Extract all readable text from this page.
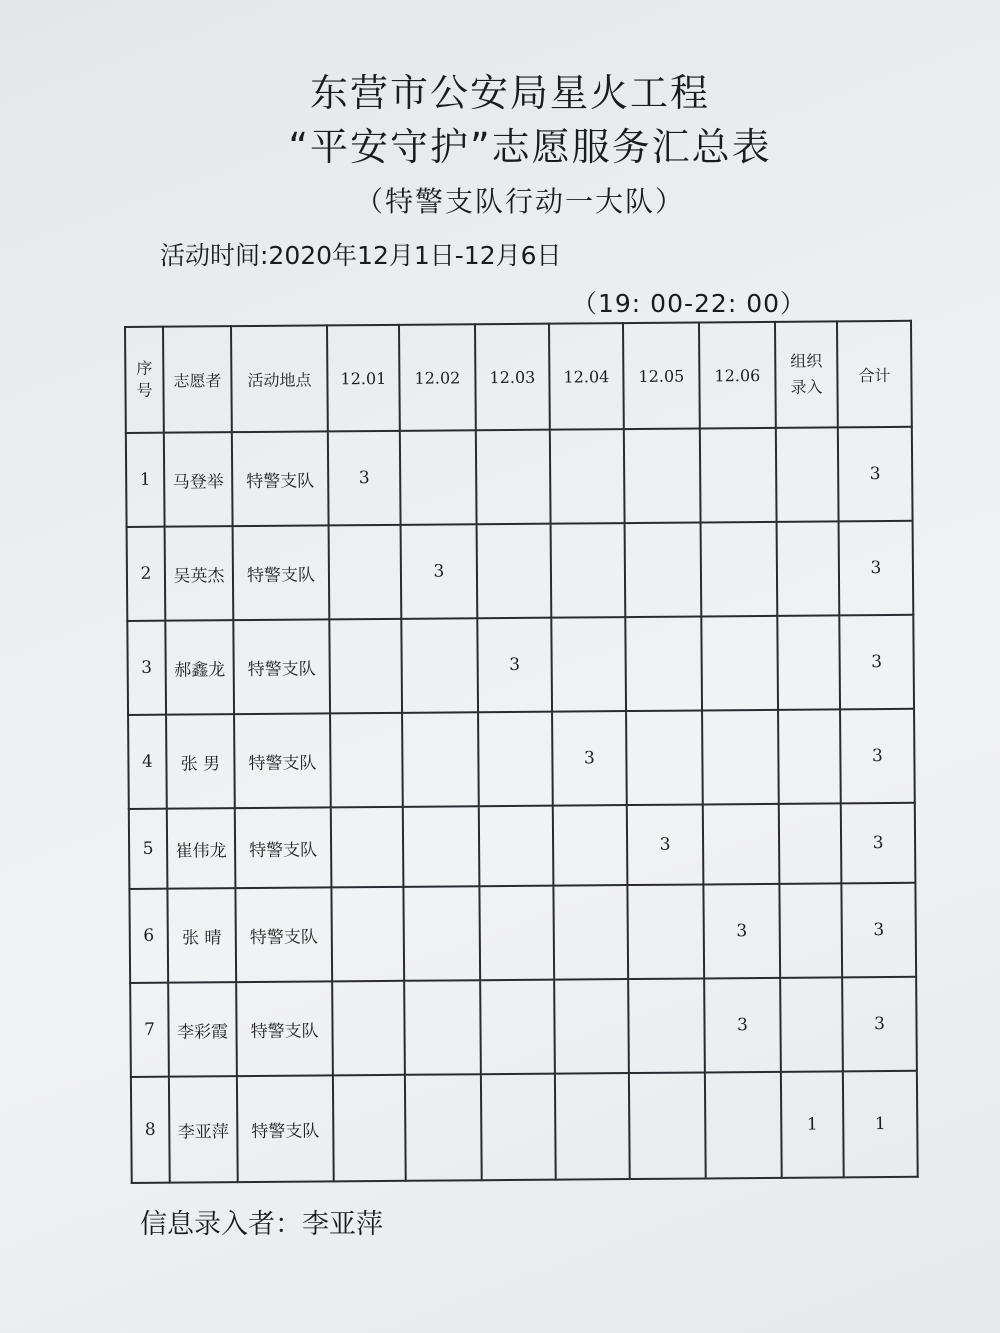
东营市公安局星火工程
“平安守护”志愿服务汇总表
（特警支队行动一大队）
活动时间:2020年12月1日-12月6日
（19: 00-22: 00）
序号	志愿者	活动地点	12.01	12.02	12.03	12.04	12.05	12.06	组织录入	合计
1	马登举	特警支队	3							3
2	吴英杰	特警支队		3						3
3	郝鑫龙	特警支队			3					3
4	张 男	特警支队				3				3
5	崔伟龙	特警支队					3			3
6	张 晴	特警支队						3		3
7	李彩霞	特警支队						3		3
8	李亚萍	特警支队							1	1
信息录入者：李亚萍
